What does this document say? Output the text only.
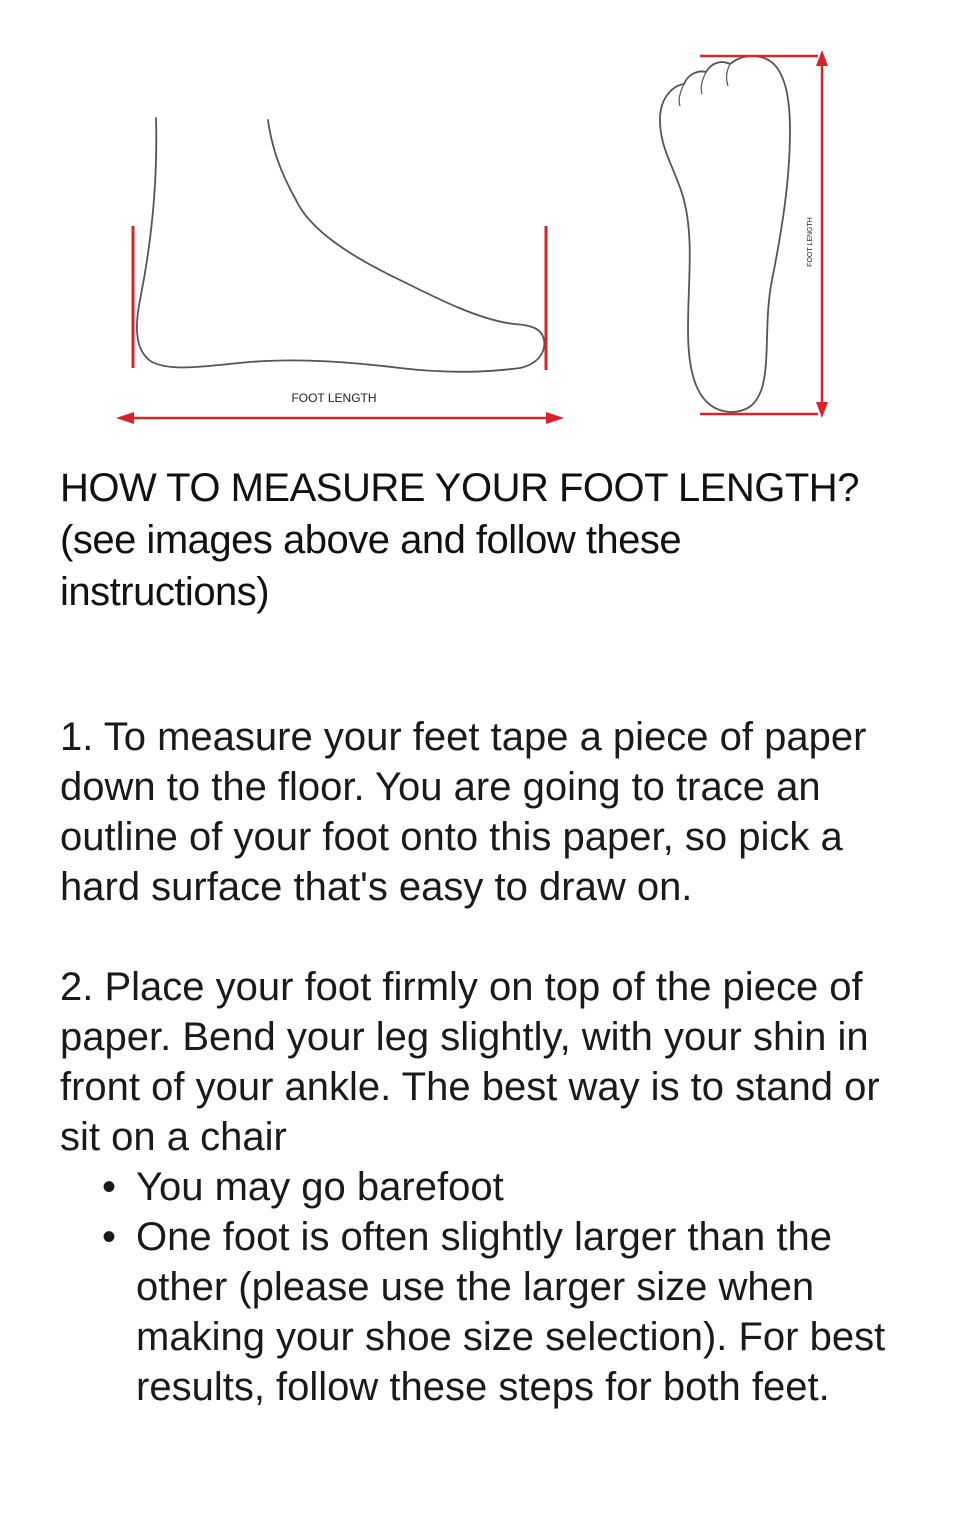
FOOT LENGTH
FOOT LENGTH
HOW TO MEASURE YOUR FOOT LENGTH?
(see images above and follow these
instructions)

1. To measure your feet tape a piece of paper down to the floor. You are going to trace an outline of your foot onto this paper, so pick a hard surface that's easy to draw on.

2. Place your foot firmly on top of the piece of paper. Bend your leg slightly, with your shin in front of your ankle. The best way is to stand or sit on a chair

• You may go barefoot
• One foot is often slightly larger than the other (please use the larger size when making your shoe size selection). For best results, follow these steps for both feet.
